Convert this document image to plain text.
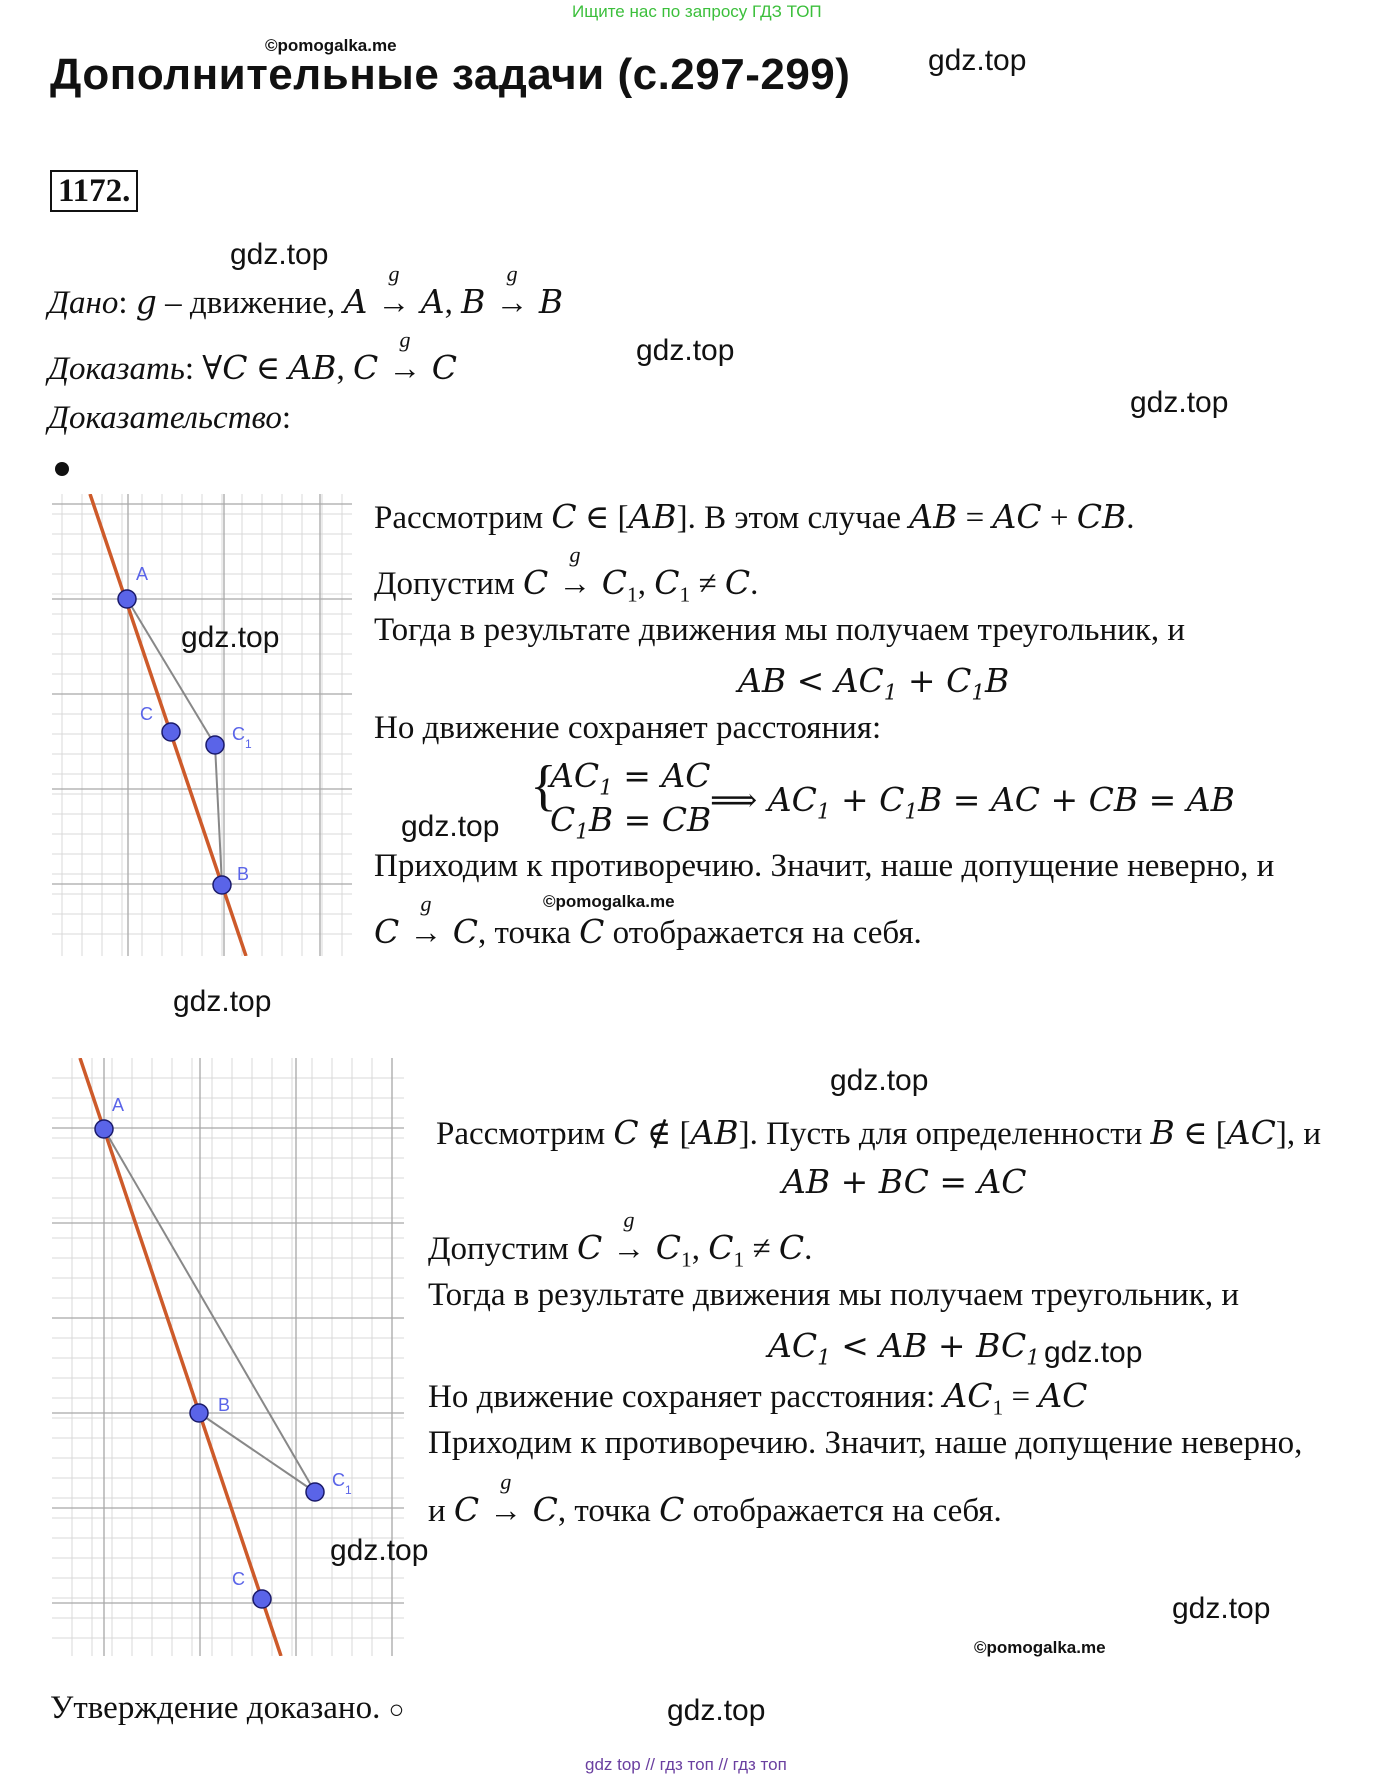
Ищите нас по запросу ГДЗ ТОП
©pomogalka.me
Дополнительные задачи (с.297-299)	gdz.top
1172.
gdz.top
Дано: g – движение, A
g
→ A, B
g
→ B
gdz.top
Доказать: ∀C ∈ AB, C
g
→ C
Доказательство:	gdz.top
A
C
C 1
B
gdz.top
Рассмотрим C ∈ [AB]. В этом случае AB = AC + CB.
Допустим C
g
→ $C_1$, $C_1 \ne C$.
Тогда в результате движения мы получаем треугольник, и
AB < $AC_1 + C_1B$
Но движение сохраняет расстояния:
{
$AC_1$ = AC
$C_1B$ = CB
⟹ $AC_1 + C_1B$ = AC + CB = AB
gdz.top
Приходим к противоречию. Значит, наше допущение неверно, и
©pomogalka.me
C
g
→ C, точка C отображается на себя.
gdz.top
A
B
C 1
C
gdz.top
Рассмотрим C ∉ [AB]. Пусть для определенности B ∈ [AC], и
AB + BC = AC
Допустим C
g
→ $C_1$, $C_1 \ne C$.
Тогда в результате движения мы получаем треугольник, и
$AC_1$ < AB + $BC_1$ gdz.top
Но движение сохраняет расстояния: $AC_1$ = AC
Приходим к противоречию. Значит, наше допущение неверно,
и C
g
→ C, точка C отображается на себя.
gdz.top
gdz.top
©pomogalka.me
Утверждение доказано. ○	gdz.top
gdz top // гдз топ // гдз топ
